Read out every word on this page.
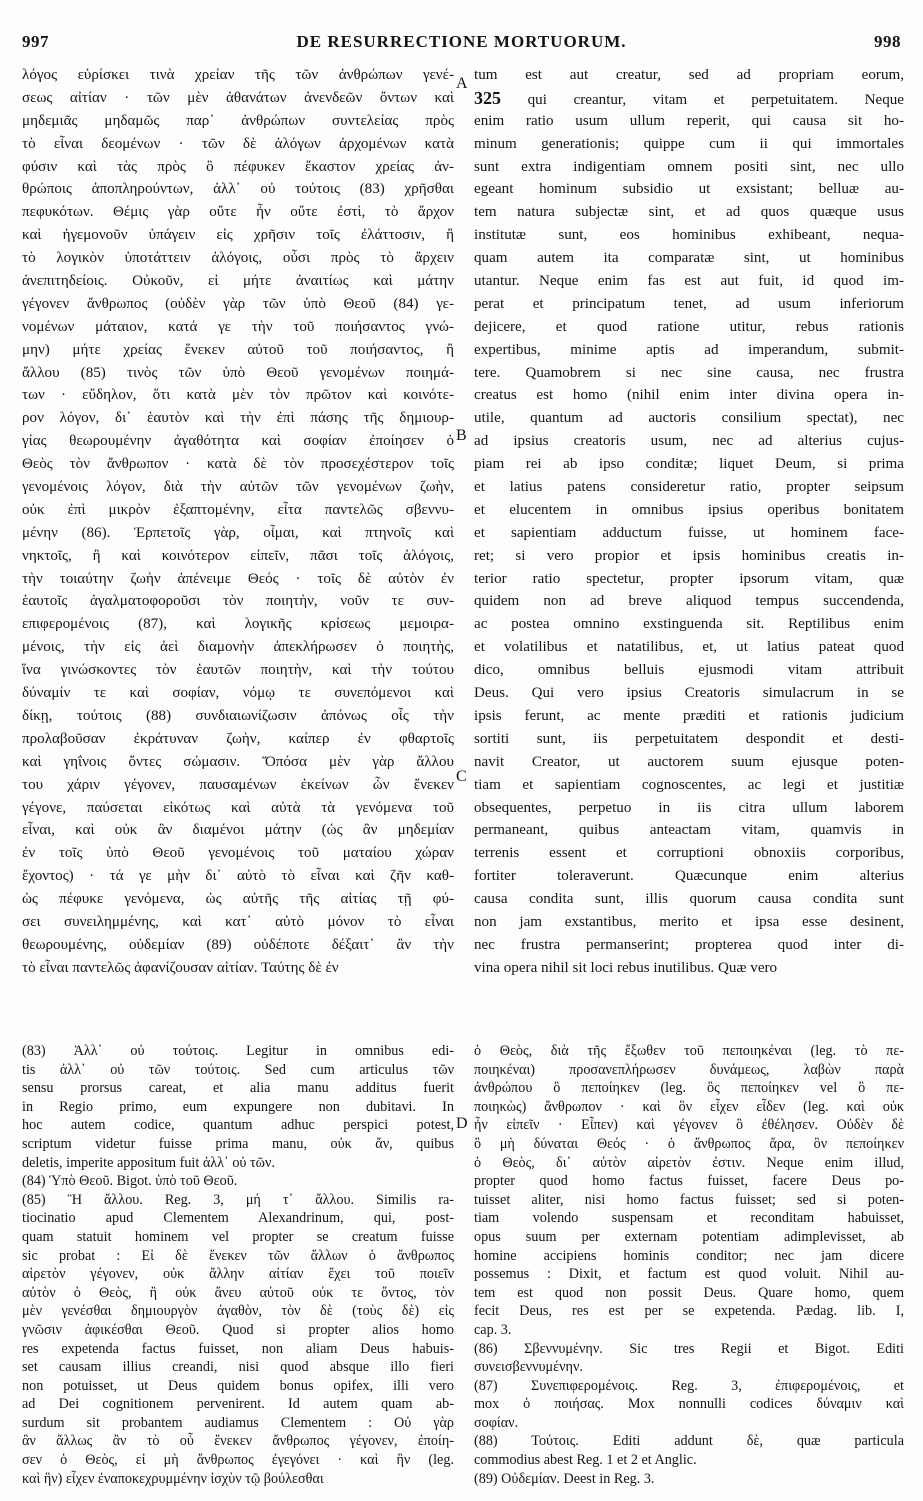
997	DE RESURRECTIONE MORTUORUM.	998
A
B
C
D
λόγος εὑρίσκει τινὰ χρείαν τῆς τῶν ἀνθρώπων γενέ-
σεως αἰτίαν · τῶν μὲν ἀθανάτων ἀνενδεῶν ὄντων καὶ
μηδεμιᾶς μηδαμῶς παρ᾽ ἀνθρώπων συντελείας πρὸς
τὸ εἶναι δεομένων · τῶν δὲ ἀλόγων ἀρχομένων κατὰ
φύσιν καὶ τὰς πρὸς ὃ πέφυκεν ἕκαστον χρείας ἀν-
θρώποις ἀποπληρούντων, ἀλλ᾽ οὐ τούτοις (83) χρῆσθαι
πεφυκότων. Θέμις γὰρ οὔτε ἦν οὔτε ἐστὶ, τὸ ἄρχον
καὶ ἡγεμονοῦν ὑπάγειν εἰς χρῆσιν τοῖς ἐλάττοσιν, ἢ
τὸ λογικὸν ὑποτάττειν ἀλόγοις, οὖσι πρὸς τὸ ἄρχειν
ἀνεπιτηδείοις. Οὐκοῦν, εἰ μήτε ἀναιτίως καὶ μάτην
γέγονεν ἄνθρωπος (οὐδὲν γὰρ τῶν ὑπὸ Θεοῦ (84) γε-
νομένων μάταιον, κατά γε τὴν τοῦ ποιήσαντος γνώ-
μην) μήτε χρείας ἕνεκεν αὐτοῦ τοῦ ποιήσαντος, ἢ
ἄλλου (85) τινὸς τῶν ὑπὸ Θεοῦ γενομένων ποιημά-
των · εὔδηλον, ὅτι κατὰ μὲν τὸν πρῶτον καὶ κοινότε-
ρον λόγον, δι᾽ ἑαυτὸν καὶ τὴν ἐπὶ πάσης τῆς δημιουρ-
γίας θεωρουμένην ἀγαθότητα καὶ σοφίαν ἐποίησεν ὁ
Θεὸς τὸν ἄνθρωπον · κατὰ δὲ τὸν προσεχέστερον τοῖς
γενομένοις λόγον, διὰ τὴν αὐτῶν τῶν γενομένων ζωὴν,
οὐκ ἐπὶ μικρὸν ἐξαπτομένην, εἶτα παντελῶς σβεννυ-
μένην (86). Ἑρπετοῖς γὰρ, οἶμαι, καὶ πτηνοῖς καὶ
νηκτοῖς, ἢ καὶ κοινότερον εἰπεῖν, πᾶσι τοῖς ἀλόγοις,
τὴν τοιαύτην ζωὴν ἀπένειμε Θεός · τοῖς δὲ αὐτὸν ἐν
ἑαυτοῖς ἀγαλματοφοροῦσι τὸν ποιητὴν, νοῦν τε συν-
επιφερομένοις (87), καὶ λογικῆς κρίσεως μεμοιρα-
μένοις, τὴν εἰς ἀεὶ διαμονὴν ἀπεκλήρωσεν ὁ ποιητὴς,
ἵνα γινώσκοντες τὸν ἑαυτῶν ποιητὴν, καὶ τὴν τούτου
δύναμίν τε καὶ σοφίαν, νόμῳ τε συνεπόμενοι καὶ
δίκῃ, τούτοις (88) συνδιαιωνίζωσιν ἀπόνως οἷς τὴν
προλαβοῦσαν ἐκράτυναν ζωὴν, καίπερ ἐν φθαρτοῖς
καὶ γηΐνοις ὄντες σώμασιν. Ὅπόσα μὲν γὰρ ἄλλου
του χάριν γέγονεν, παυσαμένων ἐκείνων ὧν ἕνεκεν
γέγονε, παύσεται εἰκότως καὶ αὐτὰ τὰ γενόμενα τοῦ
εἶναι, καὶ οὐκ ἂν διαμένοι μάτην (ὡς ἂν μηδεμίαν
ἐν τοῖς ὑπὸ Θεοῦ γενομένοις τοῦ ματαίου χώραν
ἔχοντος) · τά γε μὴν δι᾽ αὐτὸ τὸ εἶναι καὶ ζῆν καθ-
ὡς πέφυκε γενόμενα, ὡς αὐτῆς τῆς αἰτίας τῇ φύ-
σει συνειλημμένης, καὶ κατ᾽ αὐτὸ μόνον τὸ εἶναι
θεωρουμένης, οὐδεμίαν (89) οὐδέποτε δέξαιτ᾽ ἂν τὴν
τὸ εἶναι παντελῶς ἀφανίζουσαν αἰτίαν. Ταύτης δὲ ἐν
tum est aut creatur, sed ad propriam eorum,
325 qui creantur, vitam et perpetuitatem. Neque
enim ratio usum ullum reperit, qui causa sit ho-
minum generationis; quippe cum ii qui immortales
sunt extra indigentiam omnem positi sint, nec ullo
egeant hominum subsidio ut exsistant; belluæ au-
tem natura subjectæ sint, et ad quos quæque usus
institutæ sunt, eos hominibus exhibeant, nequa-
quam autem ita comparatæ sint, ut hominibus
utantur. Neque enim fas est aut fuit, id quod im-
perat et principatum tenet, ad usum inferiorum
dejicere, et quod ratione utitur, rebus rationis
expertibus, minime aptis ad imperandum, submit-
tere. Quamobrem si nec sine causa, nec frustra
creatus est homo (nihil enim inter divina opera in-
utile, quantum ad auctoris consilium spectat), nec
ad ipsius creatoris usum, nec ad alterius cujus-
piam rei ab ipso conditæ; liquet Deum, si prima
et latius patens consideretur ratio, propter seipsum
et elucentem in omnibus ipsius operibus bonitatem
et sapientiam adductum fuisse, ut hominem face-
ret; si vero propior et ipsis hominibus creatis in-
terior ratio spectetur, propter ipsorum vitam, quæ
quidem non ad breve aliquod tempus succendenda,
ac postea omnino exstinguenda sit. Reptilibus enim
et volatilibus et natatilibus, et, ut latius pateat quod
dico, omnibus belluis ejusmodi vitam attribuit
Deus. Qui vero ipsius Creatoris simulacrum in se
ipsis ferunt, ac mente præditi et rationis judicium
sortiti sunt, iis perpetuitatem despondit et desti-
navit Creator, ut auctorem suum ejusque poten-
tiam et sapientiam cognoscentes, ac legi et justitiæ
obsequentes, perpetuo in iis citra ullum laborem
permaneant, quibus anteactam vitam, quamvis in
terrenis essent et corruptioni obnoxiis corporibus,
fortiter toleraverunt. Quæcunque enim alterius
causa condita sunt, illis quorum causa condita sunt
non jam exstantibus, merito et ipsa esse desinent,
nec frustra permanserint; propterea quod inter di-
vina opera nihil sit loci rebus inutilibus. Quæ vero
(83) Ἀλλ᾽ οὐ τούτοις. Legitur in omnibus edi-
tis ἀλλ᾽ οὐ τῶν τούτοις. Sed cum articulus τῶν
sensu prorsus careat, et alia manu additus fuerit
in Regio primo, eum expungere non dubitavi. In
hoc autem codice, quantum adhuc perspici potest,
scriptum videtur fuisse prima manu, οὐκ ἄν, quibus
deletis, imperite appositum fuit ἀλλ᾽ οὐ τῶν.
(84) Ὑπὸ Θεοῦ. Bigot. ὑπὸ τοῦ Θεοῦ.
(85) Ἢ ἄλλου. Reg. 3, μή τ᾽ ἄλλου. Similis ra-
tiocinatio apud Clementem Alexandrinum, qui, post-
quam statuit hominem vel propter se creatum fuisse
sic probat : Εἰ δὲ ἕνεκεν τῶν ἄλλων ὁ ἄνθρωπος
αἱρετὸν γέγονεν, οὐκ ἄλλην αἰτίαν ἔχει τοῦ ποιεῖν
αὐτὸν ὁ Θεὸς, ἢ οὐκ ἄνευ αὐτοῦ οὐκ τε ὄντος, τὸν
μὲν γενέσθαι δημιουργὸν ἀγαθὸν, τὸν δὲ (τοὺς δὲ) εἰς
γνῶσιν ἀφικέσθαι Θεοῦ. Quod si propter alios homo
res expetenda factus fuisset, non aliam Deus habuis-
set causam illius creandi, nisi quod absque illo fieri
non potuisset, ut Deus quidem bonus opifex, illi vero
ad Dei cognitionem pervenirent. Id autem quam ab-
surdum sit probantem audiamus Clementem : Οὐ γὰρ
ἂν ἄλλως ἂν τὸ οὗ ἕνεκεν ἄνθρωπος γέγονεν, ἐποίη-
σεν ὁ Θεὸς, εἰ μὴ ἄνθρωπος ἐγεγόνει · καὶ ἣν (leg.
καὶ ἣν) εἶχεν ἐναποκεχρυμμένην ἰσχὺν τῷ βούλεσθαι
ὁ Θεὸς, διὰ τῆς ἔξωθεν τοῦ πεποιηκέναι (leg. τὸ πε-
ποιηκέναι) προσανεπλήρωσεν δυνάμεως, λαβὼν παρὰ
ἀνθρώπου ὃ πεποίηκεν (leg. ὃς πεποίηκεν vel ὃ πε-
ποιηκὼς) ἄνθρωπον · καὶ ὃν εἶχεν εἶδεν (leg. καὶ οὐκ
ἦν εἰπεῖν · Εἶπεν) καὶ γέγονεν ὃ ἐθέλησεν. Οὐδὲν δὲ
ὃ μὴ δύναται Θεός · ὁ ἄνθρωπος ἄρα, ὃν πεποίηκεν
ὁ Θεὸς, δι᾽ αὐτὸν αἱρετὸν ἐστιν. Neque enim illud,
propter quod homo factus fuisset, facere Deus po-
tuisset aliter, nisi homo factus fuisset; sed si poten-
tiam volendo suspensam et reconditam habuisset,
opus suum per externam potentiam adimplevisset, ab
homine accipiens hominis conditor; nec jam dicere
possemus : Dixit, et factum est quod voluit. Nihil au-
tem est quod non possit Deus. Quare homo, quem
fecit Deus, res est per se expetenda. Pædag. lib. I,
cap. 3.
(86) Σβεννυμένην. Sic tres Regii et Bigot. Editi
συνεισβεννυμένην.
(87) Συνεπιφερομένοις. Reg. 3, ἐπιφερομένοις, et
mox ὁ ποιήσας. Mox nonnulli codices δύναμιν καὶ
σοφίαν.
(88) Τούτοις. Editi addunt δὲ, quæ particula
commodius abest Reg. 1 et 2 et Anglic.
(89) Οὐδεμίαν. Deest in Reg. 3.
